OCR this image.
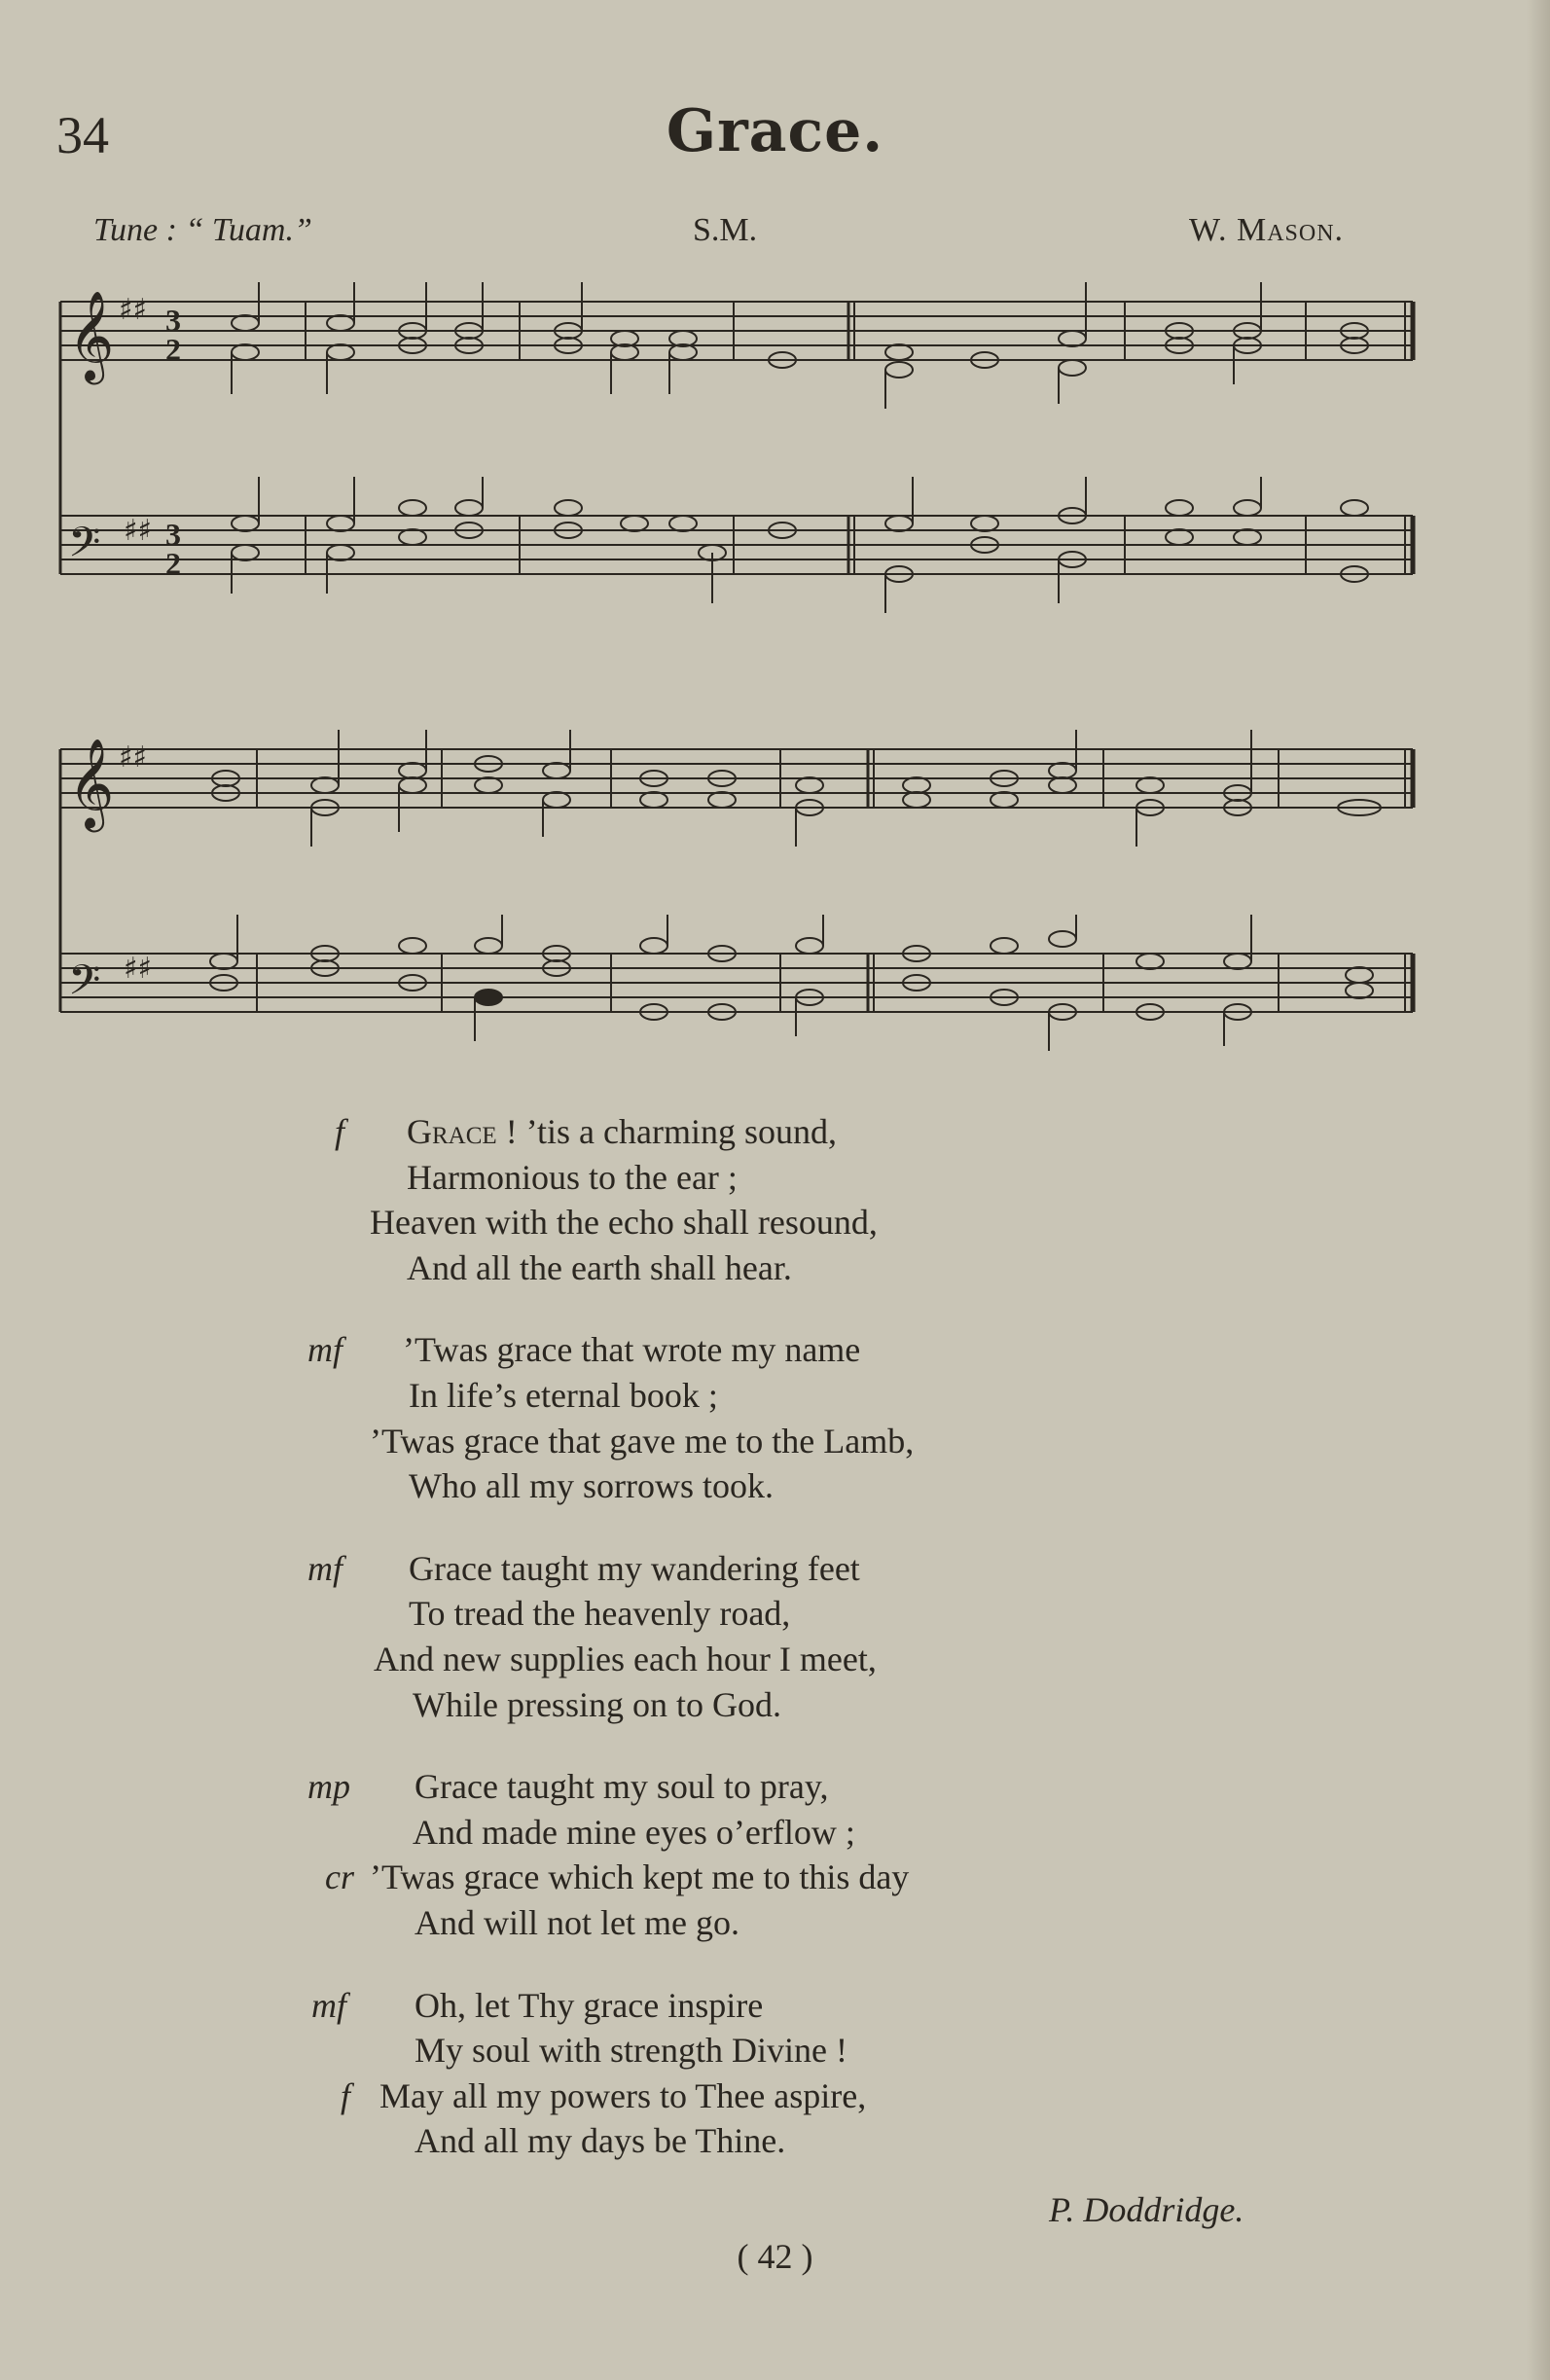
34	Grace.
Tune : “ Tuam.”	S.M.	W. Mason.
𝄞
𝄢
♯♯
♯♯
3
2
3
2
𝄞
𝄢
♯♯
♯♯
f Grace ! ’tis a charming sound,
Harmonious to the ear ;
Heaven with the echo shall resound,
And all the earth shall hear.
mf ’Twas grace that wrote my name
In life’s eternal book ;
’Twas grace that gave me to the Lamb,
Who all my sorrows took.
mf Grace taught my wandering feet
To tread the heavenly road,
And new supplies each hour I meet,
While pressing on to God.
mp Grace taught my soul to pray,
And made mine eyes o’erflow ;
cr ’Twas grace which kept me to this day
And will not let me go.
mf Oh, let Thy grace inspire
My soul with strength Divine !
f May all my powers to Thee aspire,
And all my days be Thine.
P. Doddridge.
( 42 )
